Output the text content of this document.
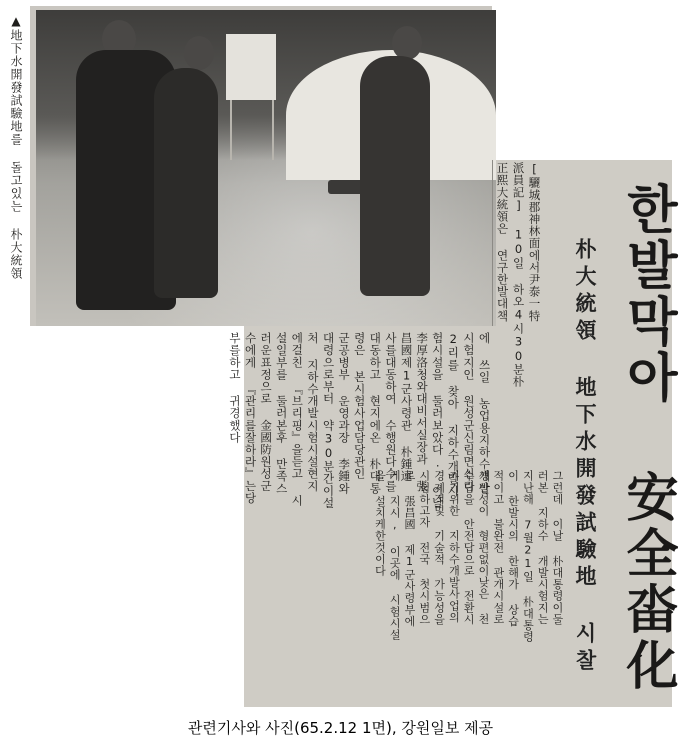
▲地下水開發試驗地를 돌고있는 朴大統領
한발막아 安全畓化
朴大統領 地下水開發試驗地 시찰
[驪城郡神林面에서尹泰一特
派員記] 10일 하오4시30분朴
正熙大統領은 연구한발대책
에 쓰일 농업용지하수개발
시험지인 원성군신림면신리
2리를 찾아 지하수개발시
험시설을 둘러보았다. 이날
李厚洛청와대비서실장과 張
昌國제1군사령관 朴鍾遠
사를대동하여 수행원다수를
대동하고 현지에온 朴대통
령은 본시험사업담당관인
군공병부 운영과장 李鍾와
대령으로부터 약30분간이설
처 지하수개발시험시설현지
에걸친 『브리핑』을듣고 시
설일부를 둘러본후 만족스
러운표정으로 金國防원성군
수에게 『관리를잘하라』는당
부를하고 귀경했다
그런데 이날 朴대통령이둘
러본 지하수 개발시험지는
지난해 7월21일 朴대통령
이 한발시의 한해가 상습
적이고 불완전 관개시설로
생산성이 형편없이낮은 천
수답을 안전답으로 전환시
키기위한 지하수개발사업의
경제적및 기술적 가능성을
시험하고자 전국 첫시범으
로 張昌國 제1군사령부에
게 지시, 이곳에 시험시설
을 설치케한것이다
관련기사와 사진(65.2.12 1면), 강원일보 제공
